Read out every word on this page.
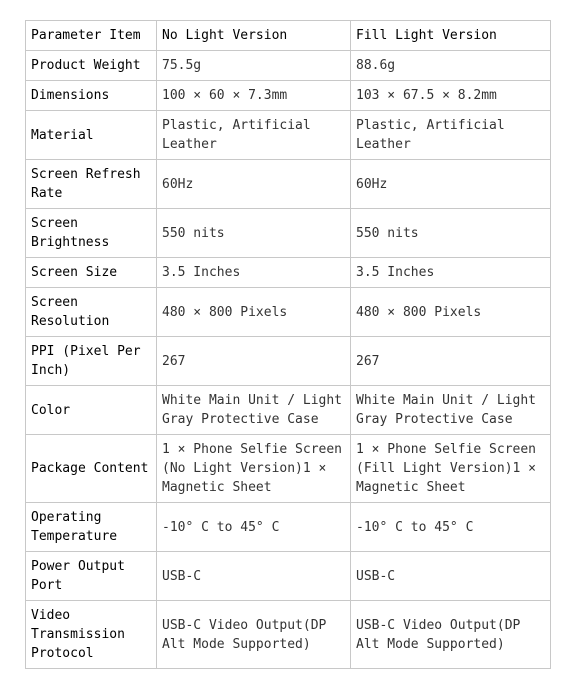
Parameter Item	No Light Version	Fill Light Version
Product Weight	75.5g	88.6g
Dimensions	100 × 60 × 7.3mm	103 × 67.5 × 8.2mm
Material	Plastic, Artificial Leather	Plastic, Artificial Leather
Screen Refresh Rate	60Hz	60Hz
Screen Brightness	550 nits	550 nits
Screen Size	3.5 Inches	3.5 Inches
Screen Resolution	480 × 800 Pixels	480 × 800 Pixels
PPI (Pixel Per Inch)	267	267
Color	White Main Unit / Light Gray Protective Case	White Main Unit / Light Gray Protective Case
Package Content	1 × Phone Selfie Screen (No Light Version)1 × Magnetic Sheet	1 × Phone Selfie Screen (Fill Light Version)1 × Magnetic Sheet
Operating Temperature	-10° C to 45° C	-10° C to 45° C
Power Output Port	USB-C	USB-C
Video Transmission Protocol	USB-C Video Output(DP Alt Mode Supported)	USB-C Video Output(DP Alt Mode Supported)
